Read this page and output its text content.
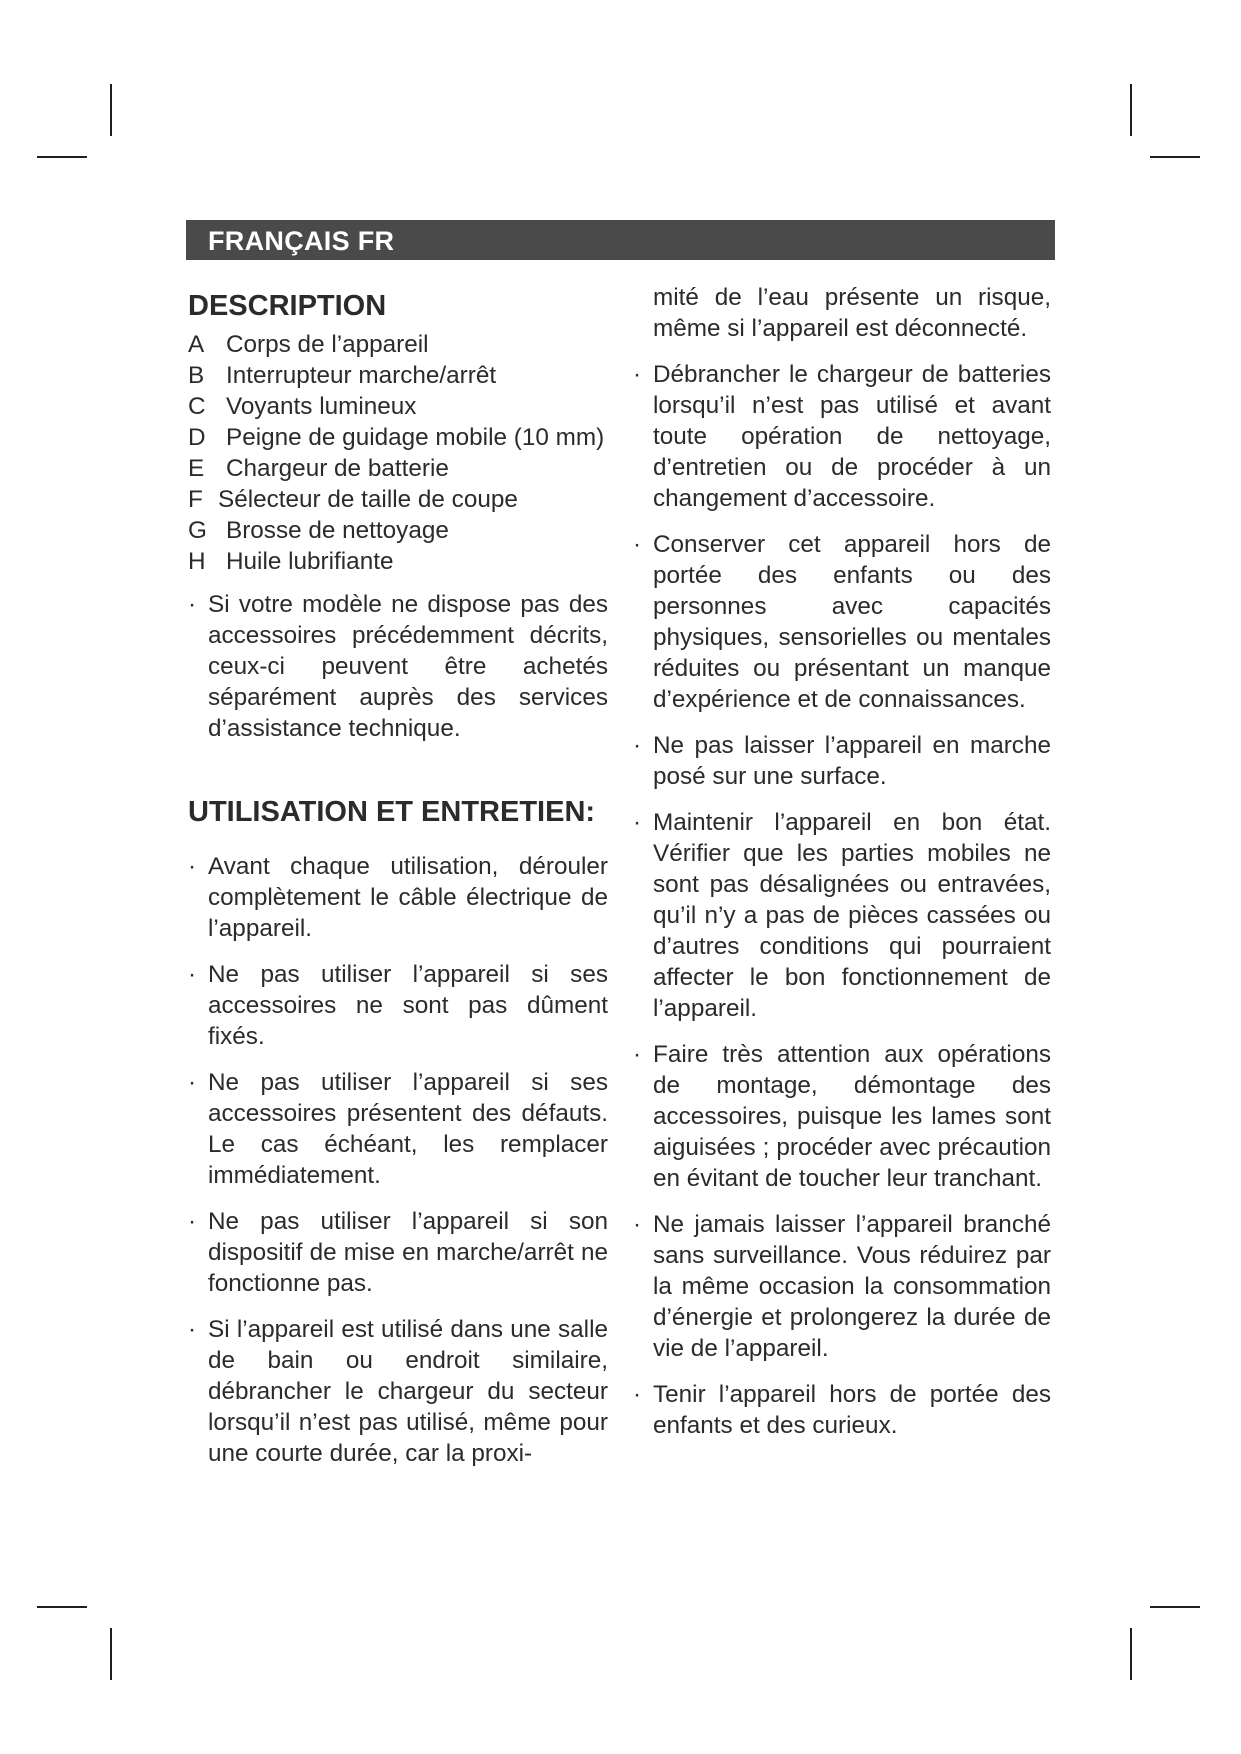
FRANÇAIS FR
DESCRIPTION
A Corps de l’appareil
B Interrupteur marche/arrêt
C Voyants lumineux
D Peigne de guidage mobile (10 mm)
E Chargeur de batterie
F Sélecteur de taille de coupe
G Brosse de nettoyage
H Huile lubrifiante

· Si votre modèle ne dispose pas des accessoires précédemment décrits, ceux-ci peuvent être achetés séparément auprès des services d’assistance technique.

UTILISATION ET ENTRETIEN:

· Avant chaque utilisation, dérouler complètement le câble électrique de l’appareil.

· Ne pas utiliser l’appareil si ses accessoires ne sont pas dûment fixés.

· Ne pas utiliser l’appareil si ses accessoires présentent des défauts. Le cas échéant, les remplacer immédiatement.

· Ne pas utiliser l’appareil si son dispositif de mise en marche/arrêt ne fonctionne pas.

· Si l’appareil est utilisé dans une salle de bain ou endroit similaire, débrancher le chargeur du secteur lorsqu’il n’est pas utilisé, même pour une courte durée, car la proxi-

mité de l’eau présente un risque, même si l’appareil est déconnecté.

· Débrancher le chargeur de batteries lorsqu’il n’est pas utilisé et avant toute opération de nettoyage, d’entretien ou de procéder à un changement d’accessoire.

· Conserver cet appareil hors de portée des enfants ou des personnes avec capacités physiques, sensorielles ou mentales réduites ou présentant un manque d’expérience et de connaissances.

· Ne pas laisser l’appareil en marche posé sur une surface.

· Maintenir l’appareil en bon état. Vérifier que les parties mobiles ne sont pas désalignées ou entravées, qu’il n’y a pas de pièces cassées ou d’autres conditions qui pourraient affecter le bon fonctionnement de l’appareil.

· Faire très attention aux opérations de montage, démontage des accessoires, puisque les lames sont aiguisées ; procéder avec précaution en évitant de toucher leur tranchant.

· Ne jamais laisser l’appareil branché sans surveillance. Vous réduirez par la même occasion la consommation d’énergie et prolongerez la durée de vie de l’appareil.

· Tenir l’appareil hors de portée des enfants et des curieux.
